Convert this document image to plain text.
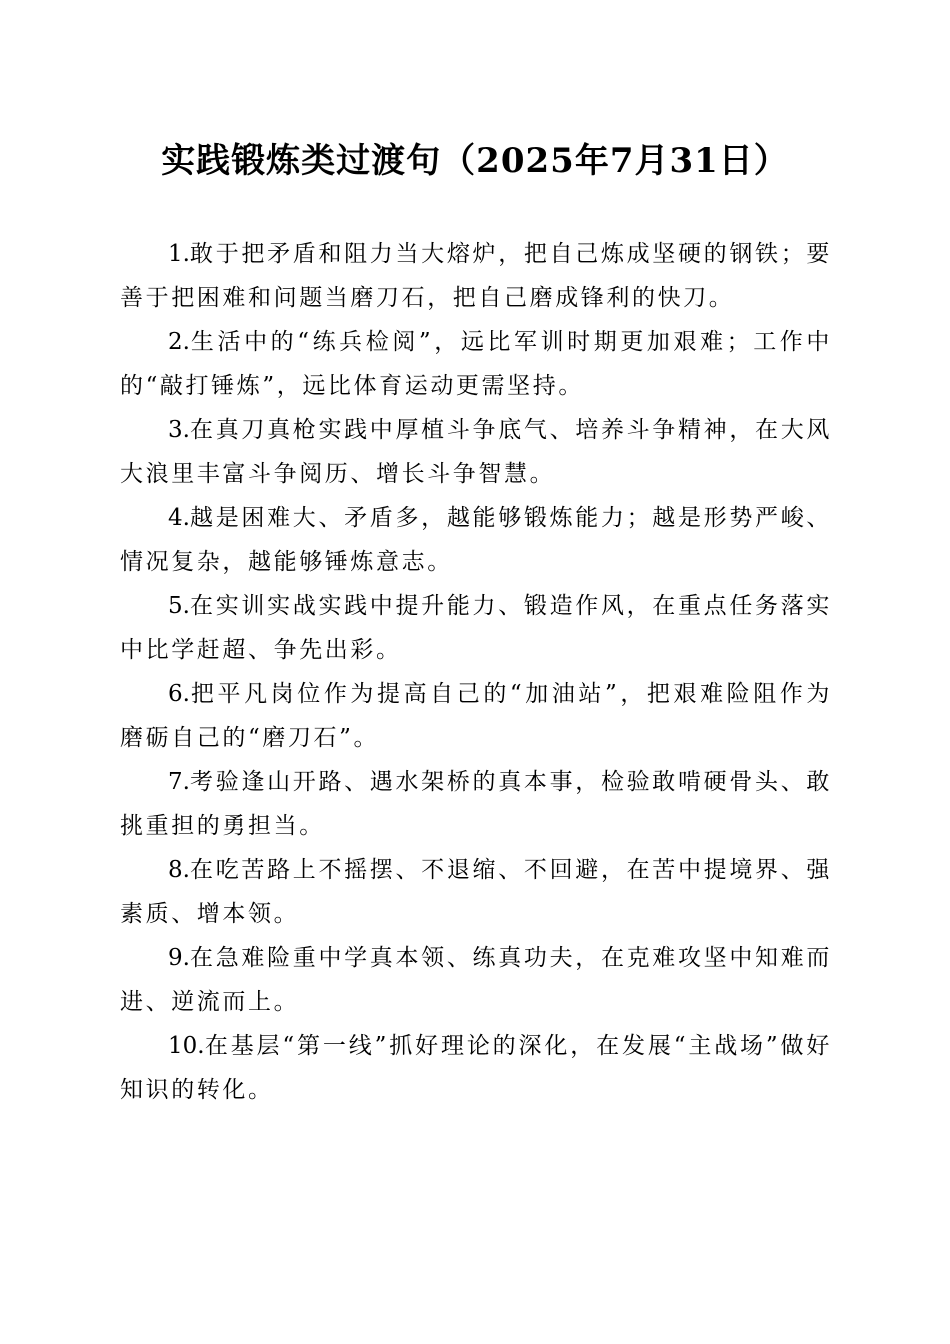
实践锻炼类过渡句（2025年7月31日）

1.敢于把矛盾和阻力当大熔炉，把自己炼成坚硬的钢铁；要善于把困难和问题当磨刀石，把自己磨成锋利的快刀。

2.生活中的“练兵检阅”，远比军训时期更加艰难；工作中的“敲打锤炼”，远比体育运动更需坚持。

3.在真刀真枪实践中厚植斗争底气、培养斗争精神，在大风大浪里丰富斗争阅历、增长斗争智慧。

4.越是困难大、矛盾多，越能够锻炼能力；越是形势严峻、情况复杂，越能够锤炼意志。

5.在实训实战实践中提升能力、锻造作风，在重点任务落实中比学赶超、争先出彩。

6.把平凡岗位作为提高自己的“加油站”，把艰难险阻作为磨砺自己的“磨刀石”。

7.考验逢山开路、遇水架桥的真本事，检验敢啃硬骨头、敢挑重担的勇担当。

8.在吃苦路上不摇摆、不退缩、不回避，在苦中提境界、强素质、增本领。

9.在急难险重中学真本领、练真功夫，在克难攻坚中知难而进、逆流而上。

10.在基层“第一线”抓好理论的深化，在发展“主战场”做好知识的转化。
